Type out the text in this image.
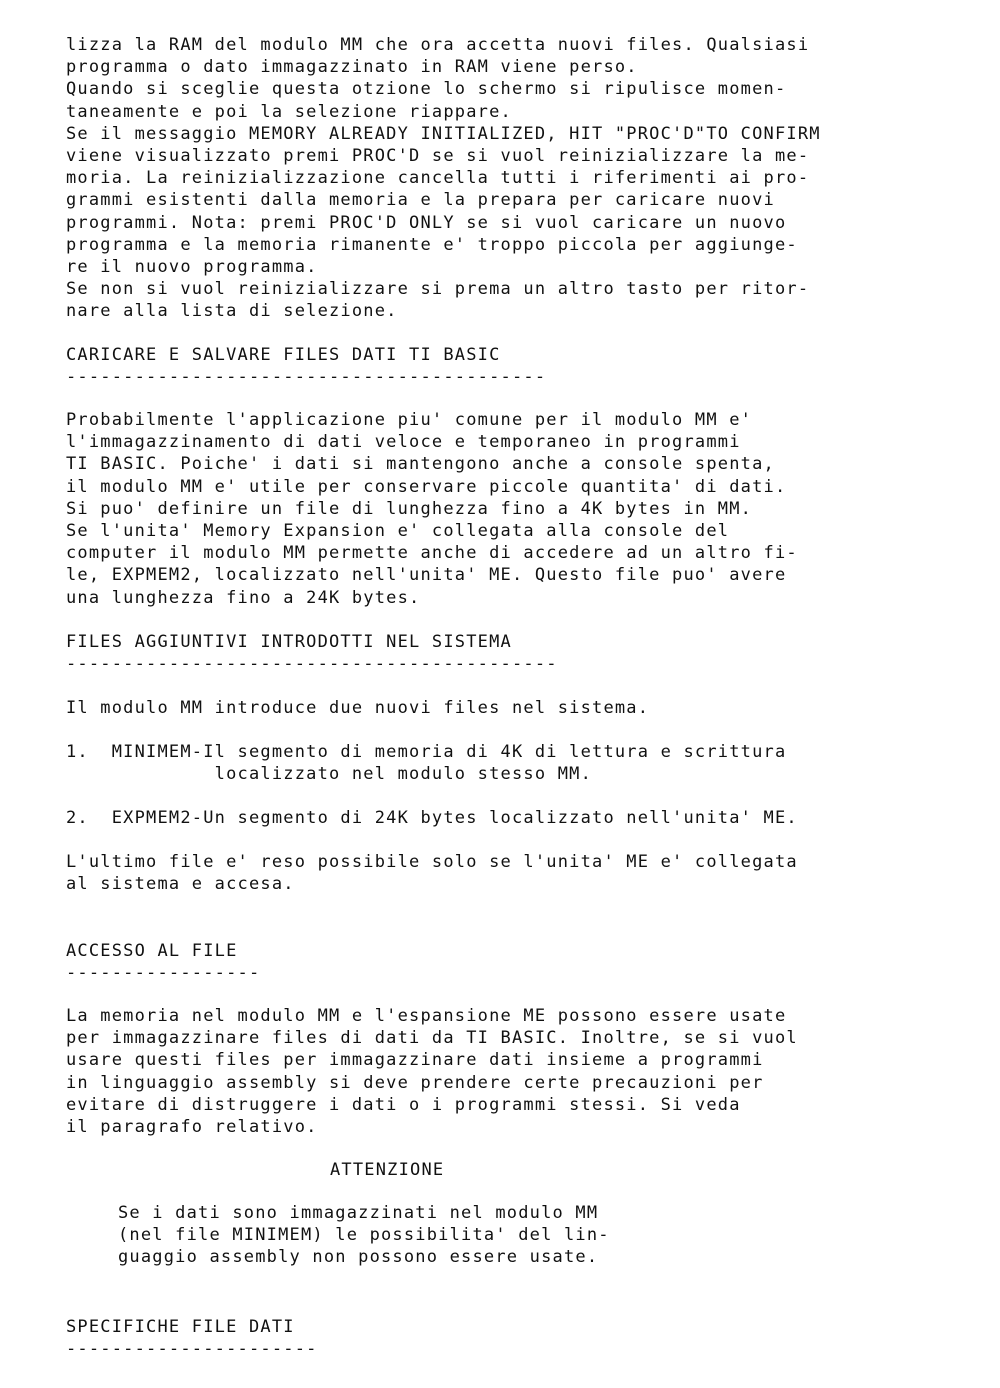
lizza la RAM del modulo MM che ora accetta nuovi files. Qualsiasi
programma o dato immagazzinato in RAM viene perso.
Quando si sceglie questa otzione lo schermo si ripulisce momen-
taneamente e poi la selezione riappare.
Se il messaggio MEMORY ALREADY INITIALIZED, HIT "PROC'D"TO CONFIRM
viene visualizzato premi PROC'D se si vuol reinizializzare la me-
moria. La reinizializzazione cancella tutti i riferimenti ai pro-
grammi esistenti dalla memoria e la prepara per caricare nuovi
programmi. Nota: premi PROC'D ONLY se si vuol caricare un nuovo
programma e la memoria rimanente e' troppo piccola per aggiunge-
re il nuovo programma.
Se non si vuol reinizializzare si prema un altro tasto per ritor-
nare alla lista di selezione.
CARICARE E SALVARE FILES DATI TI BASIC
------------------------------------------
Probabilmente l'applicazione piu' comune per il modulo MM e'
l'immagazzinamento di dati veloce e temporaneo in programmi
TI BASIC. Poiche' i dati si mantengono anche a console spenta,
il modulo MM e' utile per conservare piccole quantita' di dati.
Si puo' definire un file di lunghezza fino a 4K bytes in MM.
Se l'unita' Memory Expansion e' collegata alla console del
computer il modulo MM permette anche di accedere ad un altro fi-
le, EXPMEM2, localizzato nell'unita' ME. Questo file puo' avere
una lunghezza fino a 24K bytes.
FILES AGGIUNTIVI INTRODOTTI NEL SISTEMA
-------------------------------------------
Il modulo MM introduce due nuovi files nel sistema.
1.  MINIMEM-Il segmento di memoria di 4K di lettura e scrittura
localizzato nel modulo stesso MM.
2.  EXPMEM2-Un segmento di 24K bytes localizzato nell'unita' ME.
L'ultimo file e' reso possibile solo se l'unita' ME e' collegata
al sistema e accesa.
ACCESSO AL FILE
-----------------
La memoria nel modulo MM e l'espansione ME possono essere usate
per immagazzinare files di dati da TI BASIC. Inoltre, se si vuol
usare questi files per immagazzinare dati insieme a programmi
in linguaggio assembly si deve prendere certe precauzioni per
evitare di distruggere i dati o i programmi stessi. Si veda
il paragrafo relativo.
ATTENZIONE
Se i dati sono immagazzinati nel modulo MM
(nel file MINIMEM) le possibilita' del lin-
guaggio assembly non possono essere usate.
SPECIFICHE FILE DATI
----------------------
